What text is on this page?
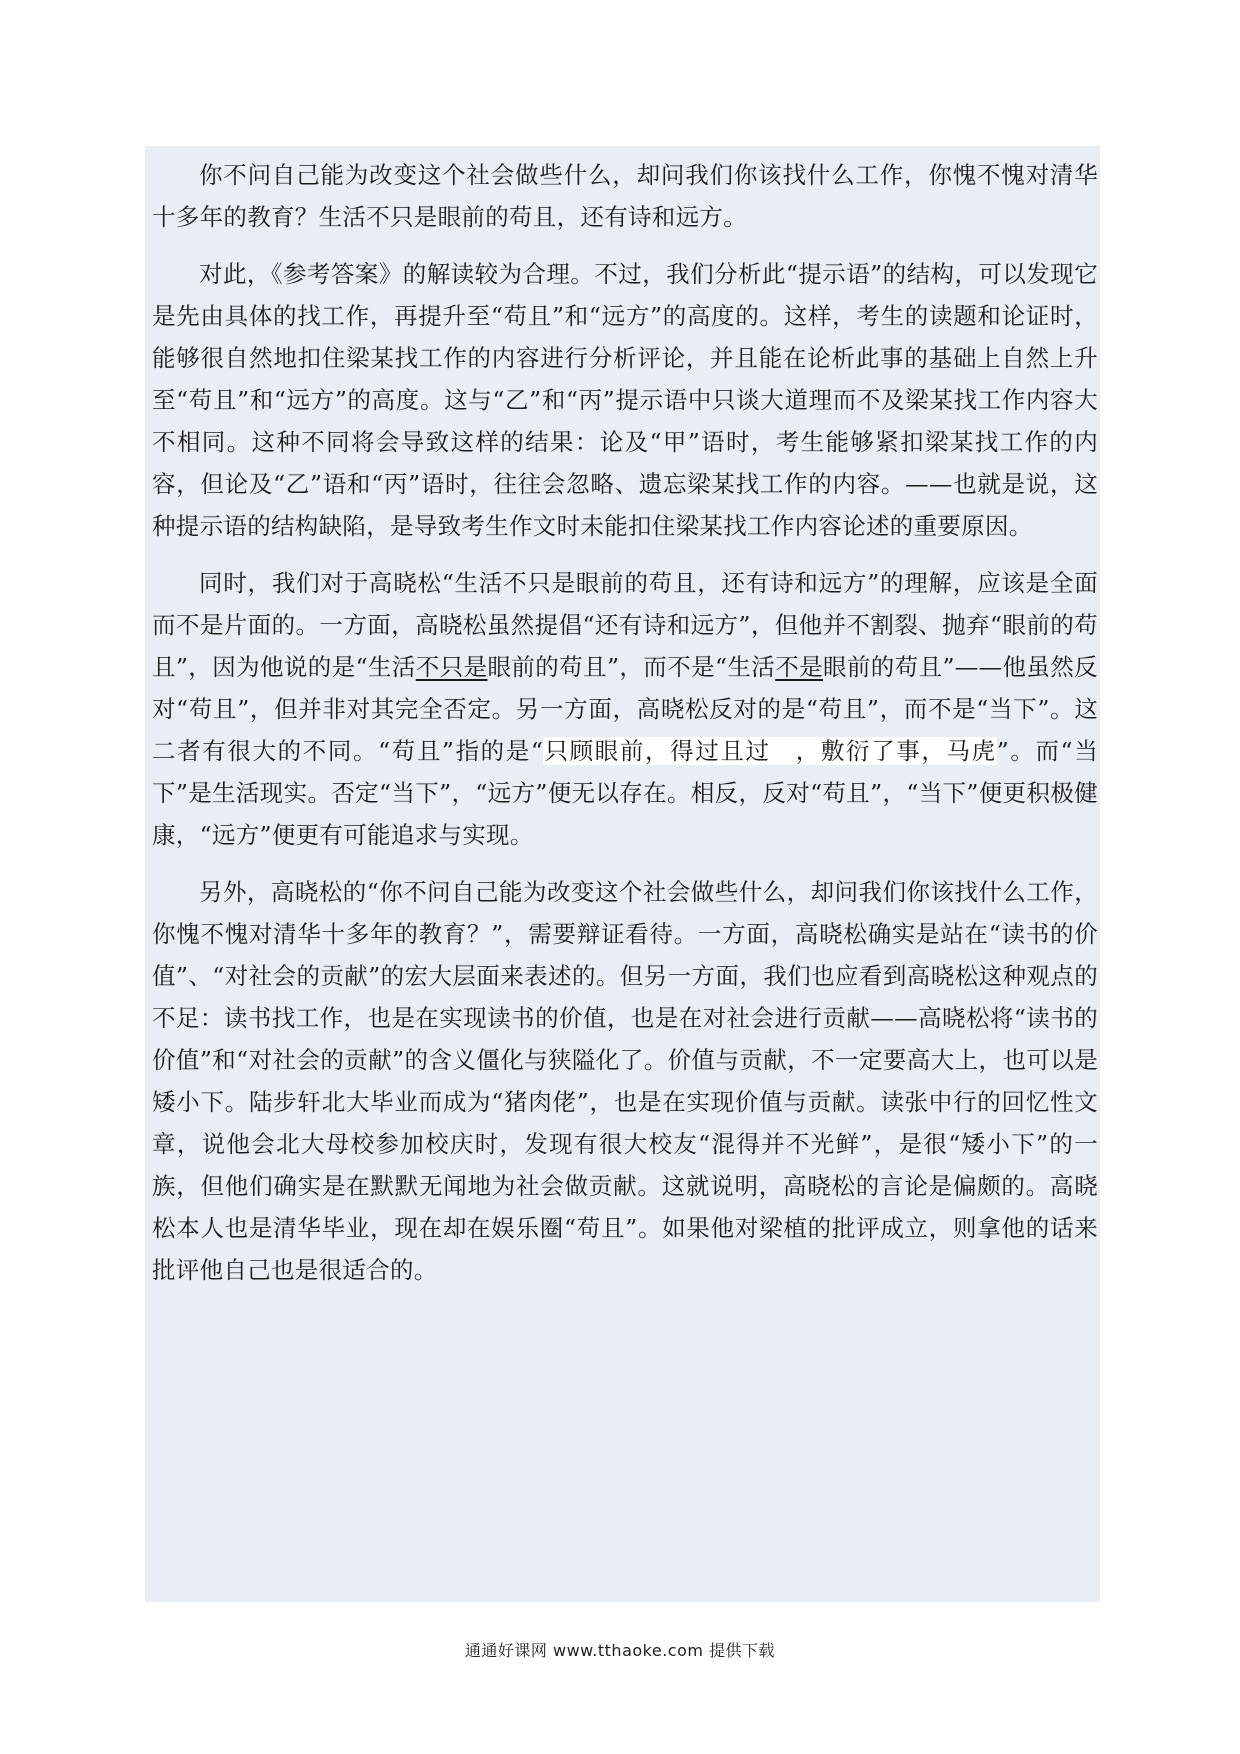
你不问自己能为改变这个社会做些什么，却问我们你该找什么工作，你愧不愧对清华十多年的教育？生活不只是眼前的苟且，还有诗和远方。

对此，《参考答案》的解读较为合理。不过，我们分析此“提示语”的结构，可以发现它是先由具体的找工作，再提升至“苟且”和“远方”的高度的。这样，考生的读题和论证时，能够很自然地扣住梁某找工作的内容进行分析评论，并且能在论析此事的基础上自然上升至“苟且”和“远方”的高度。这与“乙”和“丙”提示语中只谈大道理而不及梁某找工作内容大不相同。这种不同将会导致这样的结果：论及“甲”语时，考生能够紧扣梁某找工作的内容，但论及“乙”语和“丙”语时，往往会忽略、遗忘梁某找工作的内容。——也就是说，这种提示语的结构缺陷，是导致考生作文时未能扣住梁某找工作内容论述的重要原因。

同时，我们对于高晓松“生活不只是眼前的苟且，还有诗和远方”的理解，应该是全面而不是片面的。一方面，高晓松虽然提倡“还有诗和远方”，但他并不割裂、抛弃“眼前的苟且”，因为他说的是“生活不只是眼前的苟且”，而不是“生活不是眼前的苟且”——他虽然反对“苟且”，但并非对其完全否定。另一方面，高晓松反对的是“苟且”，而不是“当下”。这二者有很大的不同。“苟且”指的是“只顾眼前，得过且过　，敷衍了事，马虎”。而“当下”是生活现实。否定“当下”，“远方”便无以存在。相反，反对“苟且”，“当下”便更积极健康，“远方”便更有可能追求与实现。

另外，高晓松的“你不问自己能为改变这个社会做些什么，却问我们你该找什么工作，你愧不愧对清华十多年的教育？”，需要辩证看待。一方面，高晓松确实是站在“读书的价值”、“对社会的贡献”的宏大层面来表述的。但另一方面，我们也应看到高晓松这种观点的不足：读书找工作，也是在实现读书的价值，也是在对社会进行贡献——高晓松将“读书的价值”和“对社会的贡献”的含义僵化与狭隘化了。价值与贡献，不一定要高大上，也可以是矮小下。陆步轩北大毕业而成为“猪肉佬”，也是在实现价值与贡献。读张中行的回忆性文章，说他会北大母校参加校庆时，发现有很大校友“混得并不光鲜”，是很“矮小下”的一族，但他们确实是在默默无闻地为社会做贡献。这就说明，高晓松的言论是偏颇的。高晓松本人也是清华毕业，现在却在娱乐圈“苟且”。如果他对梁植的批评成立，则拿他的话来批评他自己也是很适合的。

通通好课网 www.tthaoke.com 提供下载
